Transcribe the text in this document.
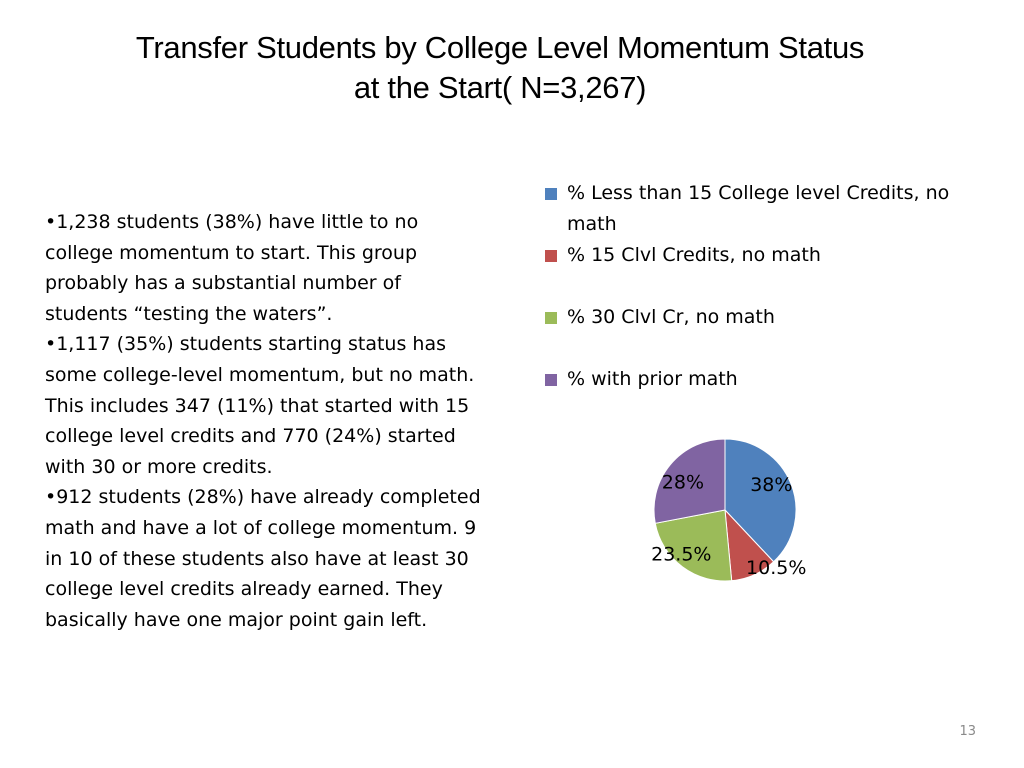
Transfer Students by College Level Momentum Status
at the Start( N=3,267)
•1,238 students (38%) have little to no college momentum to start. This group probably has a substantial number of students “testing the waters”.
•1,117 (35%) students starting status has some college-level momentum, but no math. This includes 347 (11%) that started with 15 college level credits and 770 (24%) started with 30 or more credits.
•912 students (28%) have already completed math and have a lot of college momentum. 9 in 10 of these students also have at least 30 college level credits already earned. They basically have one major point gain left.
% Less than 15 College level Credits, no math
% 15 Clvl Credits, no math
% 30 Clvl Cr, no math
% with prior math
38%
10.5%
23.5%
28%
13
